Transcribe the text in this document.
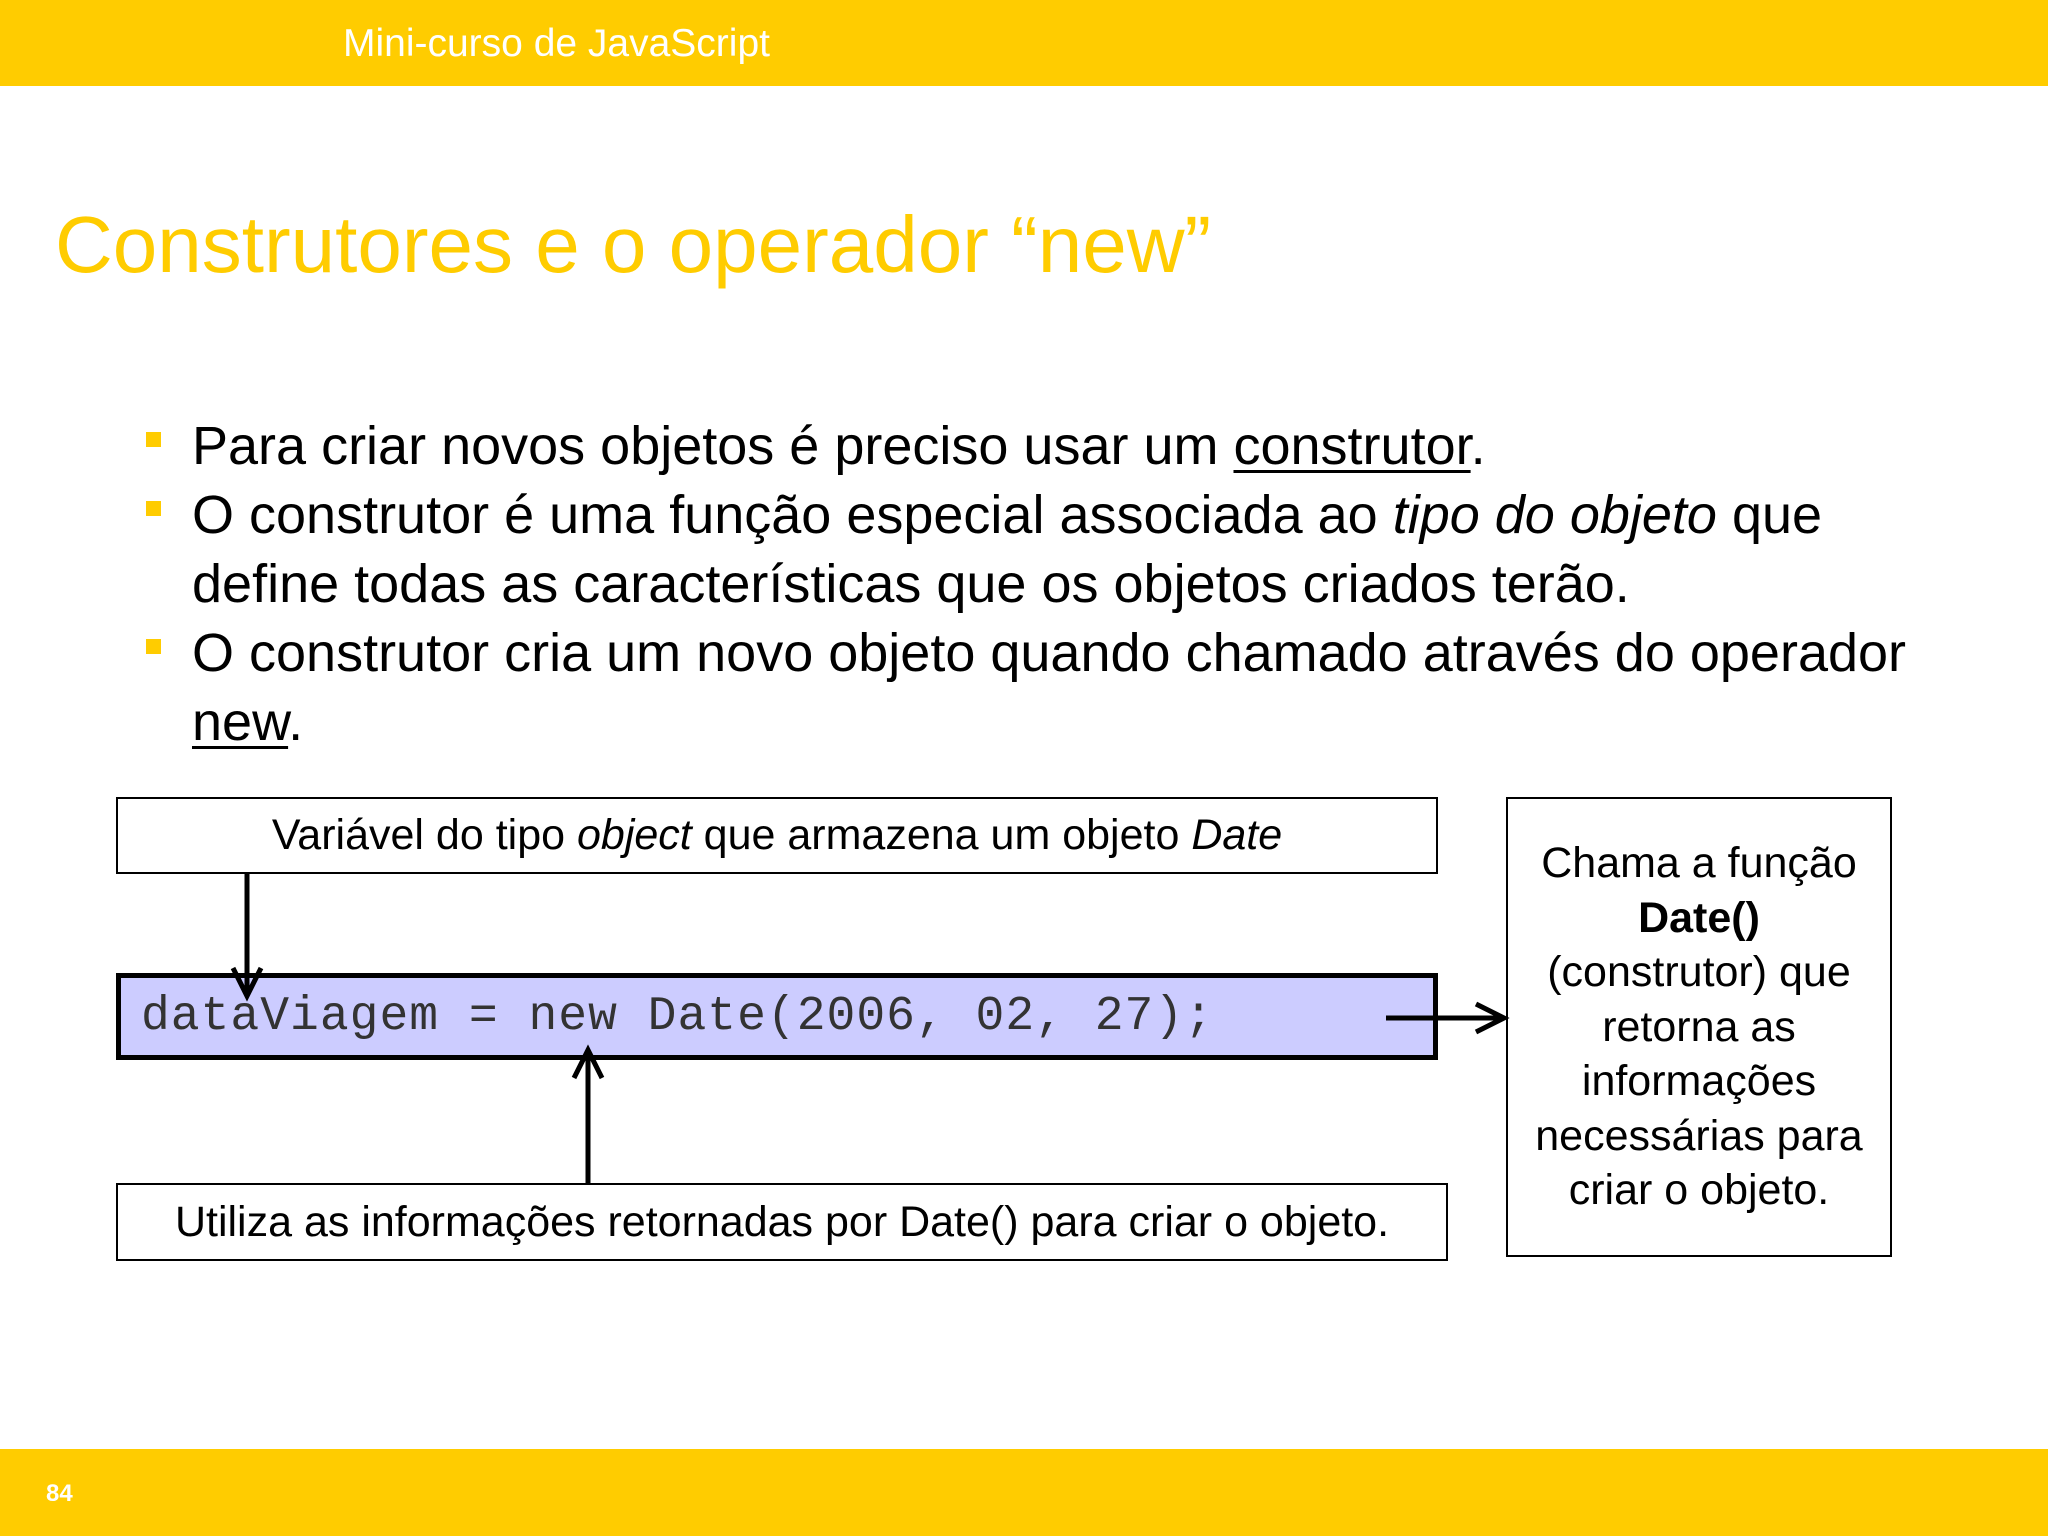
Mini-curso de JavaScript
Construtores e o operador “new”
Para criar novos objetos é preciso usar um construtor.
O construtor é uma função especial associada ao tipo do objeto que define todas as características que os objetos criados terão.
O construtor cria um novo objeto quando chamado através do operador new.
Variável do tipo object que armazena um objeto Date
dataViagem = new Date(2006, 02, 27);
Utiliza as informações retornadas por Date() para criar o objeto.
Chama a função
Date()
(construtor) que retorna as informações necessárias para criar o objeto.
84
